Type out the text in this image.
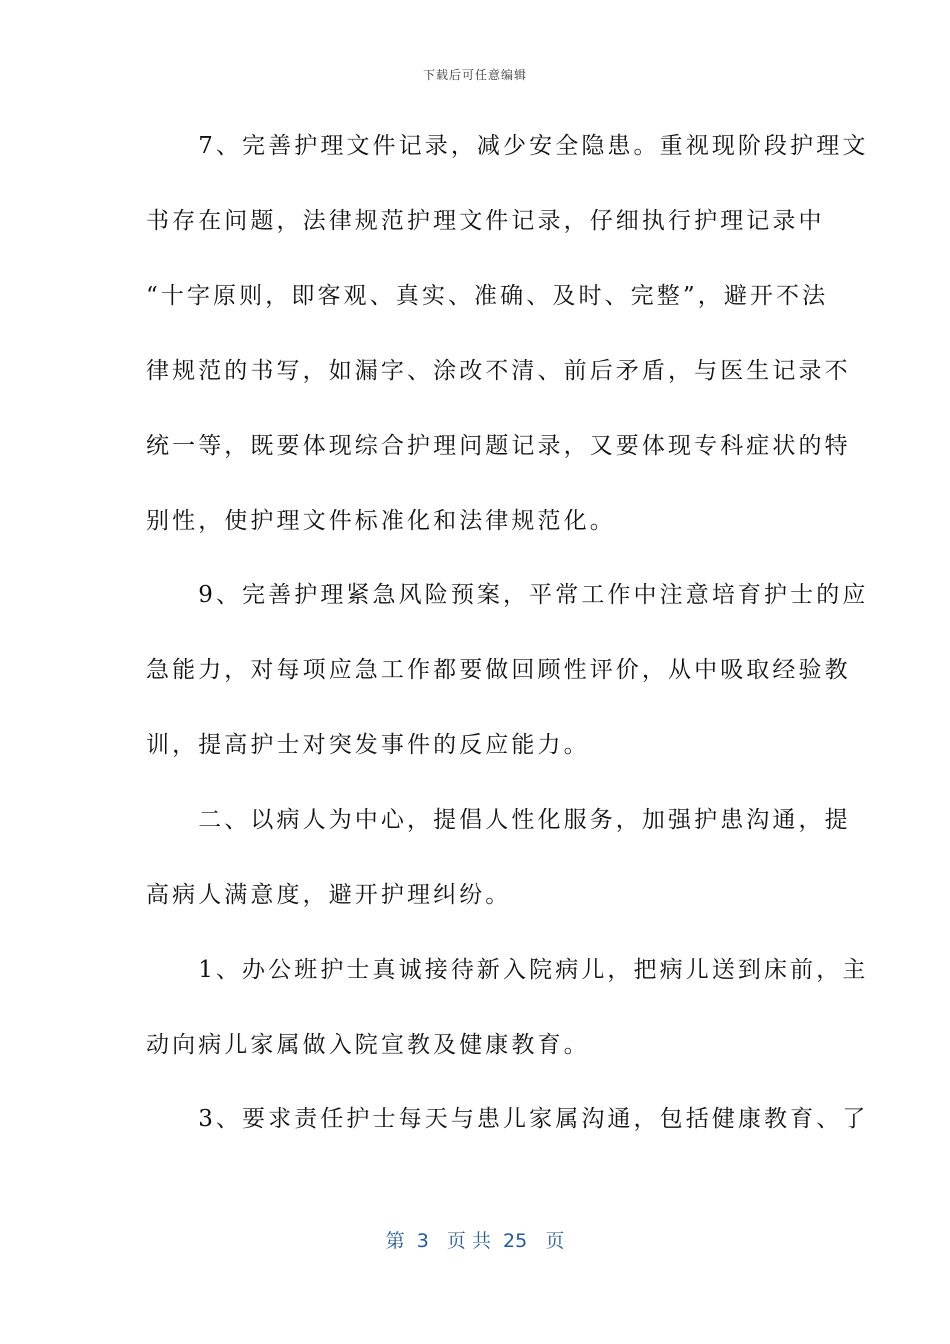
下载后可任意编辑
　　7、完善护理文件记录，减少安全隐患。重视现阶段护理文
书存在问题，法律规范护理文件记录，仔细执行护理记录中
“十字原则，即客观、真实、准确、及时、完整”，避开不法
律规范的书写，如漏字、涂改不清、前后矛盾，与医生记录不
统一等，既要体现综合护理问题记录，又要体现专科症状的特
别性，使护理文件标准化和法律规范化。
　　9、完善护理紧急风险预案，平常工作中注意培育护士的应
急能力，对每项应急工作都要做回顾性评价，从中吸取经验教
训，提高护士对突发事件的反应能力。
　　二、以病人为中心，提倡人性化服务，加强护患沟通，提
高病人满意度，避开护理纠纷。
　　1、办公班护士真诚接待新入院病儿，把病儿送到床前，主
动向病儿家属做入院宣教及健康教育。
　　3、要求责任护士每天与患儿家属沟通，包括健康教育、了
第  3   页 共  25   页
